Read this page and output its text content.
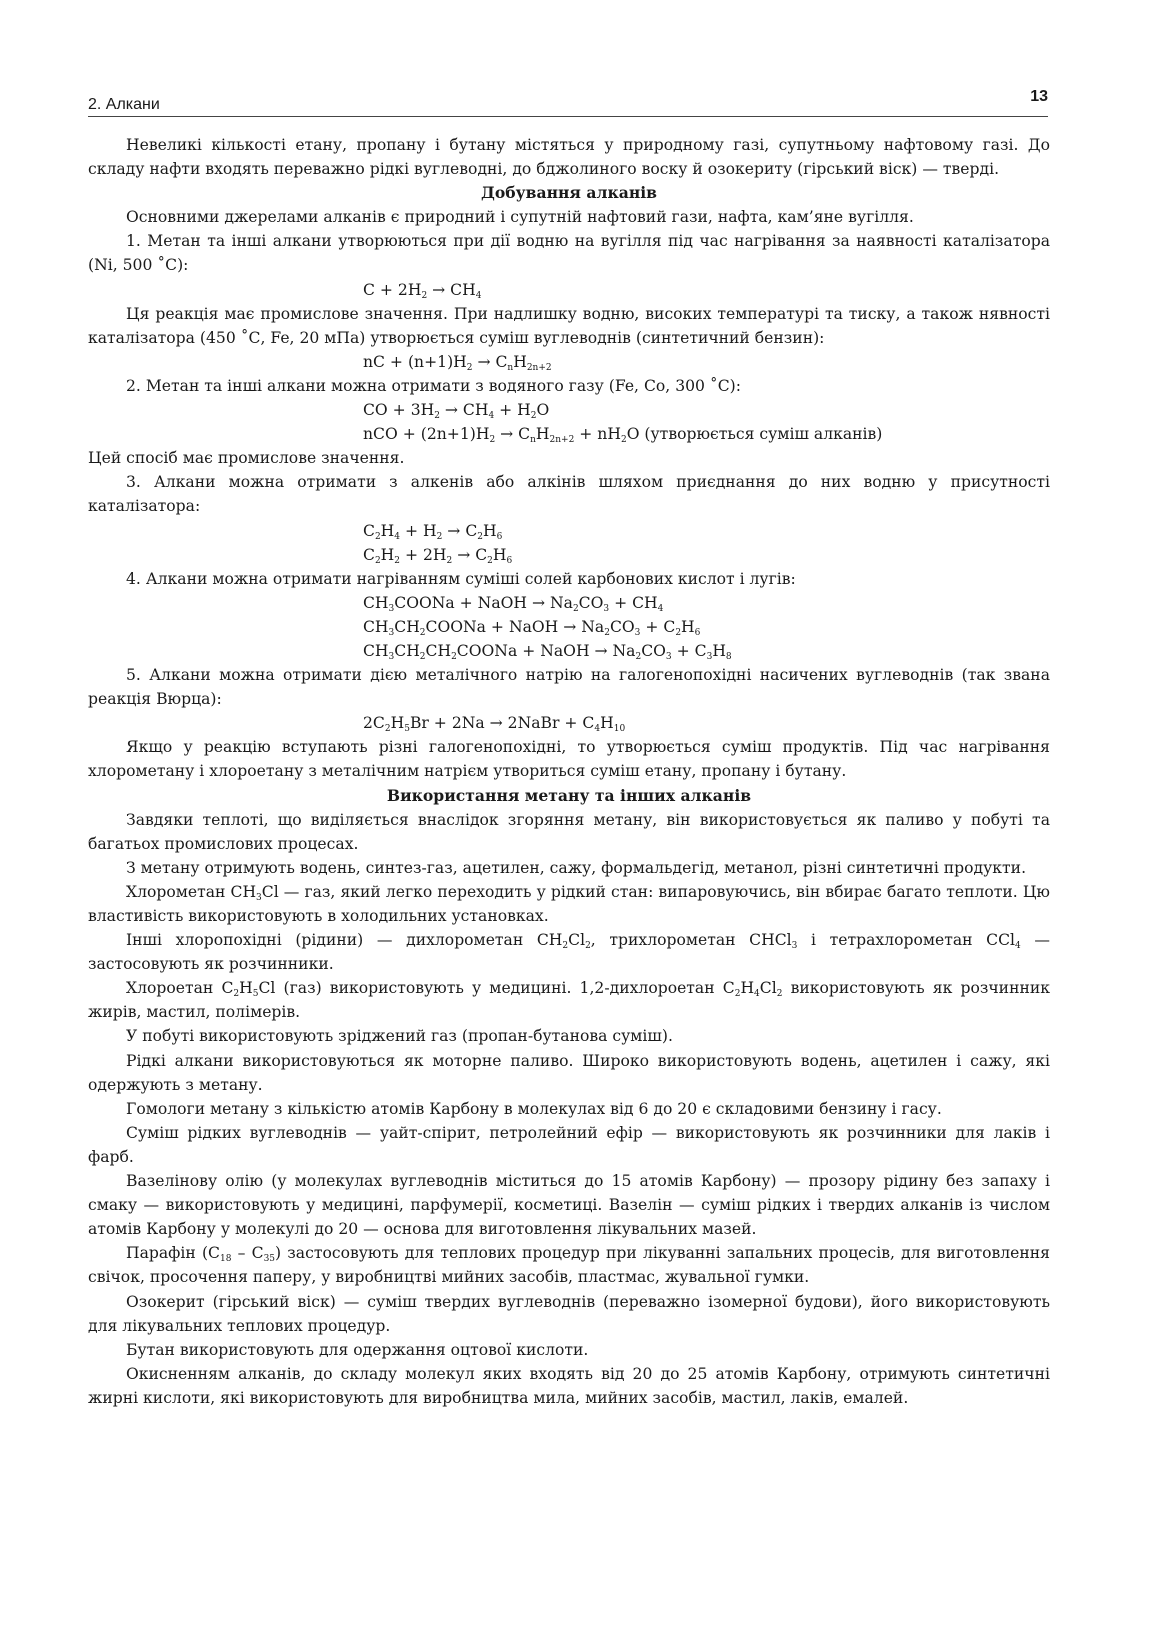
2. Алкани	13
Невеликі кількості етану, пропану і бутану містяться у природному газі, супутньому нафтовому газі. До складу нафти входять переважно рідкі вуглеводні, до бджолиного воску й озокериту (гірський віск) — тверді.
Добування алканів
Основними джерелами алканів є природний і супутній нафтовий гази, нафта, кам’яне вугілля.
1. Метан та інші алкани утворюються при дії водню на вугілля під час нагрівання за наявності каталізатора (Ni, 500 ˚С):
$C + 2H_2 \to CH_4$
Ця реакція має промислове значення. При надлишку водню, високих температурі та тиску, а також нявності каталізатора (450 ˚С, Fe, 20 мПа) утворюється суміш вуглеводнів (синтетичний бензин):
nC + $(n+1)H_2 \to C_nH_{2n+2}$
2. Метан та інші алкани можна отримати з водяного газу (Fe, Co, 300 ˚С):
CO + $3H_2 \to CH_4 + H_2O$
nCO + $(2n+1)H_2 \to C_nH_{2n+2} + nH_2O$ (утворюється суміш алканів)
Цей спосіб має промислове значення.
3. Алкани можна отримати з алкенів або алкінів шляхом приєднання до них водню у присутності каталізатора:
$C_2H_4 + H_2 \to C_2H_6$
$C_2H_2 + 2H_2 \to C_2H_6$
4. Алкани можна отримати нагріванням суміші солей карбонових кислот і лугів:
$CH_3COONa$ + NaOH → $Na_2CO_3 + CH_4$
$CH_3CH_2COONa$ + NaOH → $Na_2CO_3 + C_2H_6$
$CH_3CH_2CH_2COONa$ + NaOH → $Na_2CO_3 + C_3H_8$
5. Алкани можна отримати дією металічного натрію на галогенопохідні насичених вуглеводнів (так звана реакція Вюрца):
$2C_2H_5Br + 2Na$ → 2NaBr + $C_4H_{10}$
Якщо у реакцію вступають різні галогенопохідні, то утворюється суміш продуктів. Під час нагрівання хлорометану і хлороетану з металічним натрієм утвориться суміш етану, пропану і бутану.
Використання метану та інших алканів
Завдяки теплоті, що виділяється внаслідок згоряння метану, він використовується як паливо у побуті та багатьох промислових процесах.
З метану отримують водень, синтез-газ, ацетилен, сажу, формальдегід, метанол, різні синтетичні продукти.
Хлорометан $CH_3Cl$ — газ, який легко переходить у рідкий стан: випаровуючись, він вбирає багато теплоти. Цю властивість використовують в холодильних установках.
Інші хлоропохідні (рідини) — дихлорометан $CH_2Cl_2$, трихлорометан CHCl$_3$ і тетрахлорометан CCl$_4$ — застосовують як розчинники.
Хлороетан $C_2H_5Cl$ (газ) використовують у медицині. 1,2-дихлороетан $C_2H_4Cl_2$ використовують як розчинник жирів, мастил, полімерів.
У побуті використовують зріджений газ (пропан-бутанова суміш).
Рідкі алкани використовуються як моторне паливо. Широко використовують водень, ацетилен і сажу, які одержують з метану.
Гомологи метану з кількістю атомів Карбону в молекулах від 6 до 20 є складовими бензину і гасу.
Суміш рідких вуглеводнів — уайт-спірит, петролейний ефір — використовують як розчинники для лаків і фарб.
Вазелінову олію (у молекулах вуглеводнів міститься до 15 атомів Карбону) — прозору рідину без запаху і смаку — використовують у медицині, парфумерії, косметиці. Вазелін — суміш рідких і твердих алканів із числом атомів Карбону у молекулі до 20 — основа для виготовлення лікувальних мазей.
Парафін $(C_{18} - C_{35})$ застосовують для теплових процедур при лікуванні запальних процесів, для виготовлення свічок, просочення паперу, у виробництві мийних засобів, пластмас, жувальної гумки.
Озокерит (гірський віск) — суміш твердих вуглеводнів (переважно ізомерної будови), його використовують для лікувальних теплових процедур.
Бутан використовують для одержання оцтової кислоти.
Окисненням алканів, до складу молекул яких входять від 20 до 25 атомів Карбону, отримують синтетичні жирні кислоти, які використовують для виробництва мила, мийних засобів, мастил, лаків, емалей.
